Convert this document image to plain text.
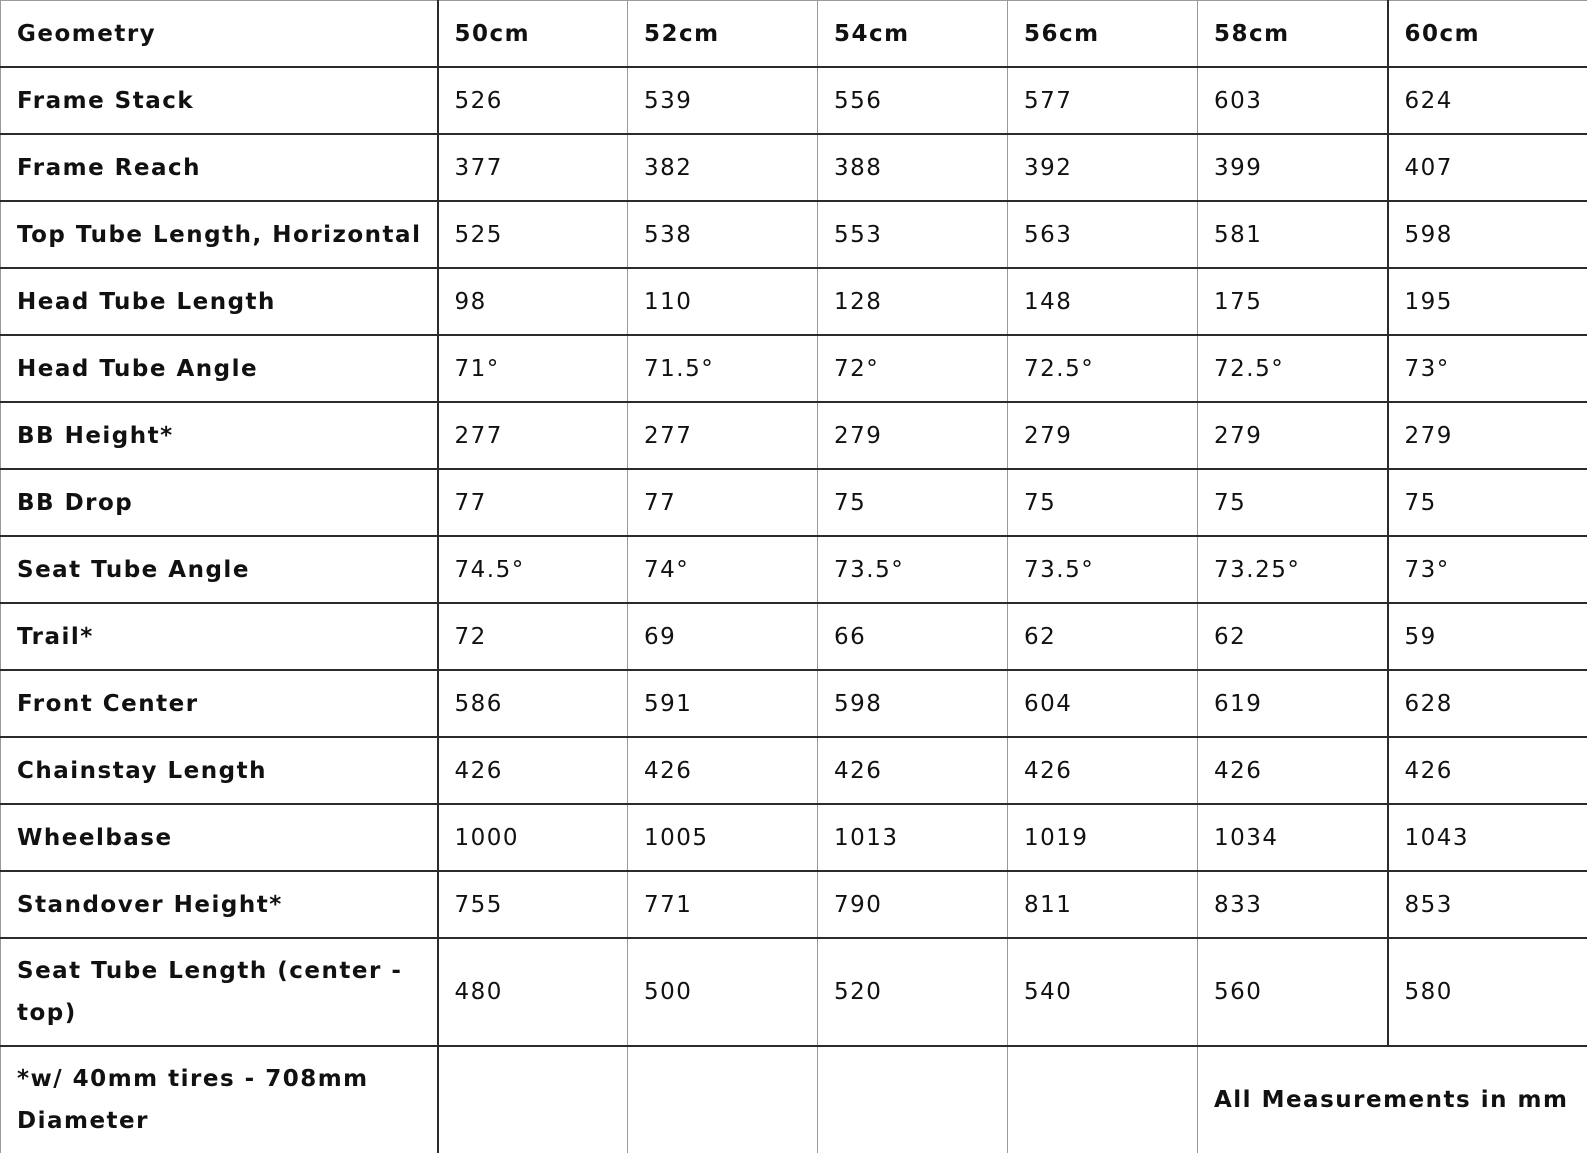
Geometry	50cm	52cm	54cm	56cm	58cm	60cm
Frame Stack	526	539	556	577	603	624
Frame Reach	377	382	388	392	399	407
Top Tube Length, Horizontal	525	538	553	563	581	598
Head Tube Length	98	110	128	148	175	195
Head Tube Angle	71°	71.5°	72°	72.5°	72.5°	73°
BB Height*	277	277	279	279	279	279
BB Drop	77	77	75	75	75	75
Seat Tube Angle	74.5°	74°	73.5°	73.5°	73.25°	73°
Trail*	72	69	66	62	62	59
Front Center	586	591	598	604	619	628
Chainstay Length	426	426	426	426	426	426
Wheelbase	1000	1005	1013	1019	1034	1043
Standover Height*	755	771	790	811	833	853
Seat Tube Length (center - top)	480	500	520	540	560	580
*w/ 40mm tires - 708mm Diameter					All Measurements in mm	
